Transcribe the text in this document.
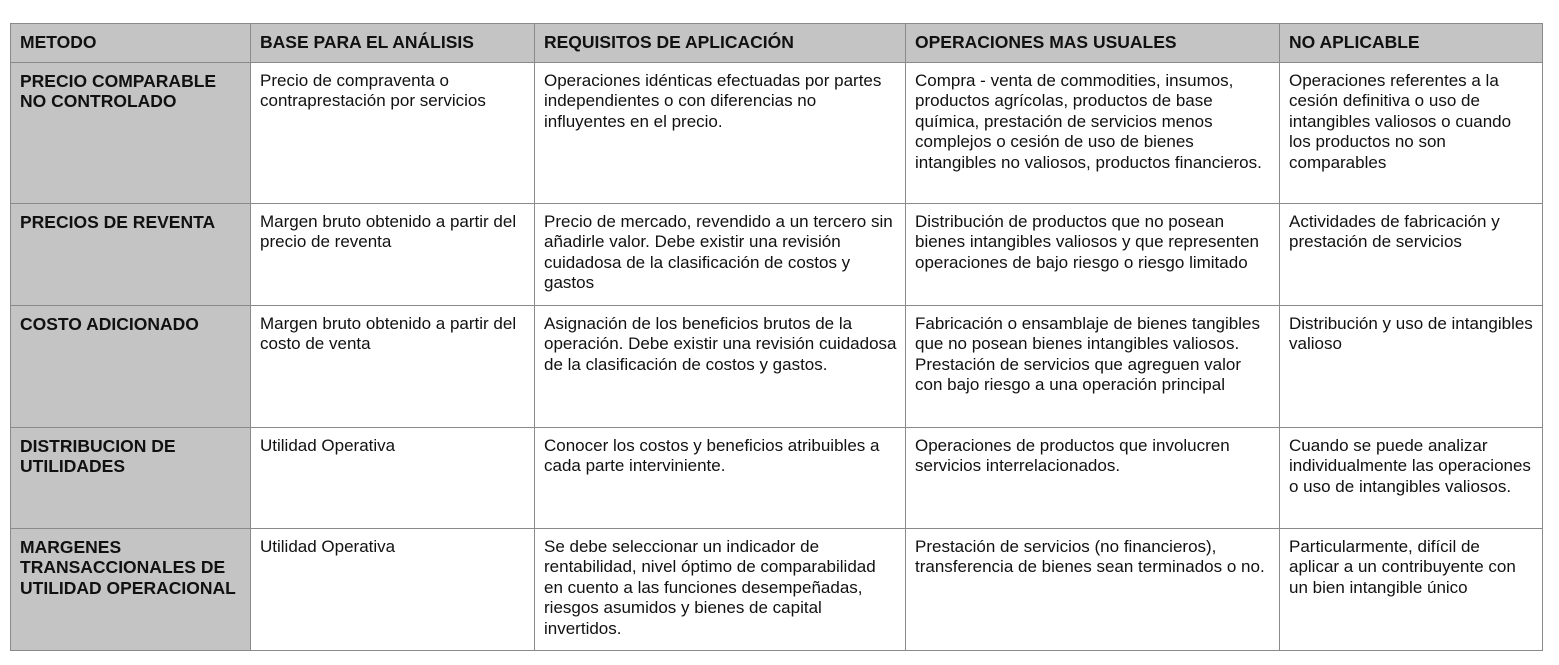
METODO	BASE PARA EL ANÁLISIS	REQUISITOS DE APLICACIÓN	OPERACIONES MAS USUALES	NO APLICABLE
PRECIO COMPARABLE NO CONTROLADO	Precio de compraventa o contraprestación por servicios	Operaciones idénticas efectuadas por partes independientes o con diferencias no influyentes en el precio.	Compra - venta de commodities, insumos, productos agrícolas, productos de base química, prestación de servicios menos complejos o cesión de uso de bienes intangibles no valiosos, productos financieros.	Operaciones referentes a la cesión definitiva o uso de intangibles valiosos o cuando los productos no son comparables
PRECIOS DE REVENTA	Margen bruto obtenido a partir del precio de reventa	Precio de mercado, revendido a un tercero sin añadirle valor. Debe existir una revisión cuidadosa de la clasificación de costos y gastos	Distribución de productos que no posean bienes intangibles valiosos y que representen operaciones de bajo riesgo o riesgo limitado	Actividades de fabricación y prestación de servicios
COSTO ADICIONADO	Margen bruto obtenido a partir del costo de venta	Asignación de los beneficios brutos de la operación. Debe existir una revisión cuidadosa de la clasificación de costos y gastos.	Fabricación o ensamblaje de bienes tangibles que no posean bienes intangibles valiosos. Prestación de servicios que agreguen valor con bajo riesgo a una operación principal	Distribución y uso de intangibles valioso
DISTRIBUCION DE UTILIDADES	Utilidad Operativa	Conocer los costos y beneficios atribuibles a cada parte interviniente.	Operaciones de productos que involucren servicios interrelacionados.	Cuando se puede analizar individualmente las operaciones o uso de intangibles valiosos.
MARGENES TRANSACCIONALES DE UTILIDAD OPERACIONAL	Utilidad Operativa	Se debe seleccionar un indicador de rentabilidad, nivel óptimo de comparabilidad en cuento a las funciones desempeñadas, riesgos asumidos y bienes de capital invertidos.	Prestación de servicios (no financieros), transferencia de bienes sean terminados o no.	Particularmente, difícil de aplicar a un contribuyente con un bien intangible único
